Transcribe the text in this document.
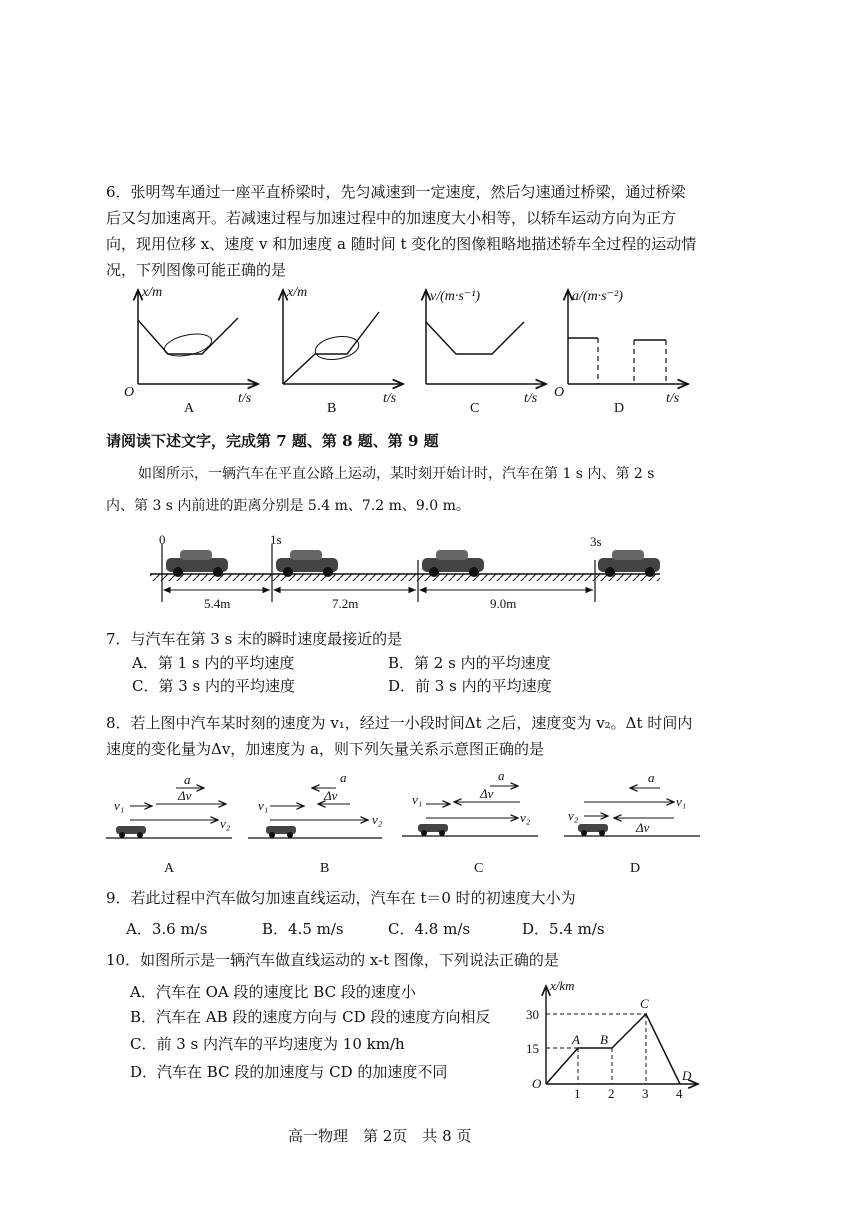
6．张明驾车通过一座平直桥梁时，先匀减速到一定速度，然后匀速通过桥梁，通过桥梁
后又匀加速离开。若减速过程与加速过程中的加速度大小相等，以轿车运动方向为正方
向，现用位移 x、速度 v 和加速度 a 随时间 t 变化的图像粗略地描述轿车全过程的运动情
况，下列图像可能正确的是
x/m
O	t/s
A
x/m
t/s
B
v/(m·s⁻¹)
t/s
C
a/(m·s⁻²)
O	t/s
D
请阅读下述文字，完成第 7 题、第 8 题、第 9 题
如图所示，一辆汽车在平直公路上运动，某时刻开始计时，汽车在第 1 s 内、第 2 s
内、第 3 s 内前进的距离分别是 5.4 m、7.2 m、9.0 m。
0	1s	3s
5.4m	7.2m	9.0m
7．与汽车在第 3 s 末的瞬时速度最接近的是
A．第 1 s 内的平均速度	B．第 2 s 内的平均速度
C．第 3 s 内的平均速度	D．前 3 s 内的平均速度
8．若上图中汽车某时刻的速度为 v₁，经过一小段时间Δt 之后，速度变为 v₂。Δt 时间内
速度的变化量为Δv，加速度为 a，则下列矢量关系示意图正确的是
a
Δv
v₁
v₂
A
a
Δv
v₁
v₂
B
a
Δv
v₁
v₂
C
a
v₁
v₂
Δv
D
9．若此过程中汽车做匀加速直线运动，汽车在 t＝0 时的初速度大小为
A．3.6 m/s	B．4.5 m/s	C．4.8 m/s	D．5.4 m/s
10．如图所示是一辆汽车做直线运动的 x-t 图像，下列说法正确的是
A．汽车在 OA 段的速度比 BC 段的速度小
B．汽车在 AB 段的速度方向与 CD 段的速度方向相反
C．前 3 s 内汽车的平均速度为 10 km/h
D．汽车在 BC 段的加速度与 CD 的加速度不同
x/km
30
15
O
1 2 3 4
A B
C
D
高一物理　第 2页　共 8 页
